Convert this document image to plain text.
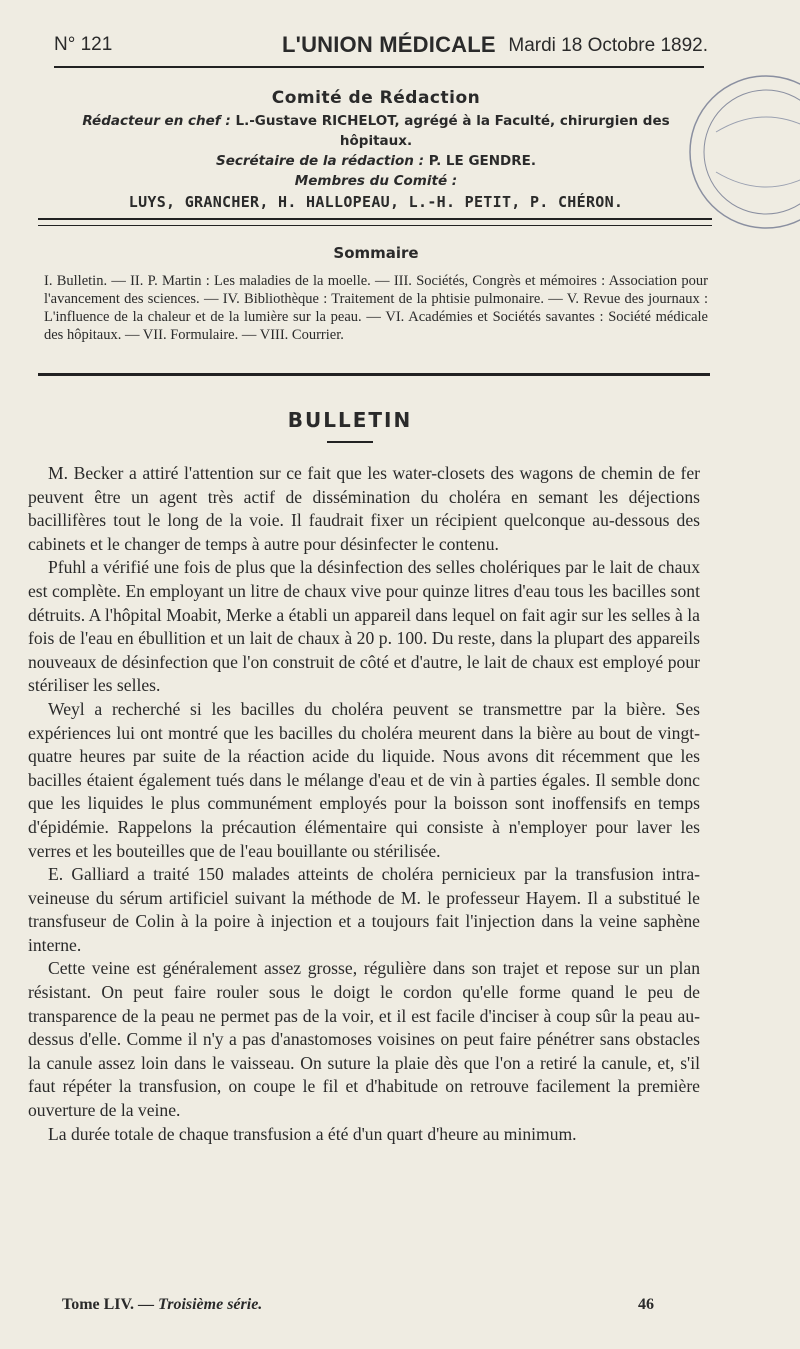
N° 121	L'UNION MÉDICALE Mardi 18 Octobre 1892.
Comité de Rédaction
Rédacteur en chef : L.-Gustave RICHELOT, agrégé à la Faculté, chirurgien des hôpitaux.
Secrétaire de la rédaction : P. LE GENDRE.
Membres du Comité :
LUYS, GRANCHER, H. HALLOPEAU, L.-H. PETIT, P. CHÉRON.
Sommaire
I. Bulletin. — II. P. Martin : Les maladies de la moelle. — III. Sociétés, Congrès et mémoires : Association pour l'avancement des sciences. — IV. Bibliothèque : Traitement de la phtisie pulmonaire. — V. Revue des journaux : L'influence de la chaleur et de la lumière sur la peau. — VI. Académies et Sociétés savantes : Société médicale des hôpitaux. — VII. Formulaire. — VIII. Courrier.
BULLETIN

M. Becker a attiré l'attention sur ce fait que les water-closets des wagons de chemin de fer peuvent être un agent très actif de dissémination du choléra en semant les déjections bacillifères tout le long de la voie. Il faudrait fixer un récipient quelconque au-dessous des cabinets et le changer de temps à autre pour désinfecter le contenu.

Pfuhl a vérifié une fois de plus que la désinfection des selles cholériques par le lait de chaux est complète. En employant un litre de chaux vive pour quinze litres d'eau tous les bacilles sont détruits. A l'hôpital Moabit, Merke a établi un appareil dans lequel on fait agir sur les selles à la fois de l'eau en ébullition et un lait de chaux à 20 p. 100. Du reste, dans la plupart des appareils nouveaux de désinfection que l'on construit de côté et d'autre, le lait de chaux est employé pour stériliser les selles.

Weyl a recherché si les bacilles du choléra peuvent se transmettre par la bière. Ses expériences lui ont montré que les bacilles du choléra meurent dans la bière au bout de vingt-quatre heures par suite de la réaction acide du liquide. Nous avons dit récemment que les bacilles étaient également tués dans le mélange d'eau et de vin à parties égales. Il semble donc que les liquides le plus communément employés pour la boisson sont inoffensifs en temps d'épidémie. Rappelons la précaution élémentaire qui consiste à n'employer pour laver les verres et les bouteilles que de l'eau bouillante ou stérilisée.

E. Galliard a traité 150 malades atteints de choléra pernicieux par la transfusion intra-veineuse du sérum artificiel suivant la méthode de M. le professeur Hayem. Il a substitué le transfuseur de Colin à la poire à injection et a toujours fait l'injection dans la veine saphène interne.

Cette veine est généralement assez grosse, régulière dans son trajet et repose sur un plan résistant. On peut faire rouler sous le doigt le cordon qu'elle forme quand le peu de transparence de la peau ne permet pas de la voir, et il est facile d'inciser à coup sûr la peau au-dessus d'elle. Comme il n'y a pas d'anastomoses voisines on peut faire pénétrer sans obstacles la canule assez loin dans le vaisseau. On suture la plaie dès que l'on a retiré la canule, et, s'il faut répéter la transfusion, on coupe le fil et d'habitude on retrouve facilement la première ouverture de la veine.

La durée totale de chaque transfusion a été d'un quart d'heure au minimum.

Tome LIV. — Troisième série.	46
